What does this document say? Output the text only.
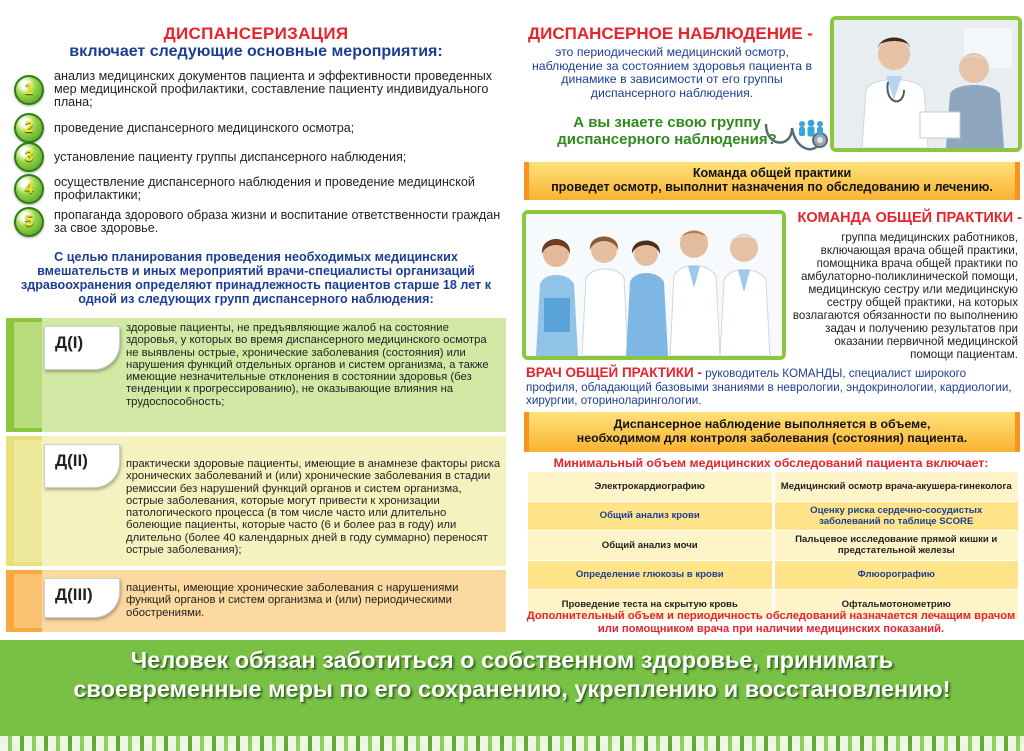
ДИСПАНСЕРИЗАЦИЯ
включает следующие основные мероприятия:
1
анализ медицинских документов пациента и эффективности проведенных мер медицинской профилактики, составление пациенту индивидуального плана;
2	проведение диспансерного медицинского осмотра;
3	установление пациенту группы диспансерного наблюдения;
4	осуществление диспансерного наблюдения и проведение медицинской профилактики;
5	пропаганда здорового образа жизни и воспитание ответственности граждан за свое здоровье.
С целью планирования проведения необходимых медицинских вмешательств и иных мероприятий врачи-специалисты организаций здравоохранения определяют принадлежность пациентов старше 18 лет к одной из следующих групп диспансерного наблюдения:
Д(I)
здоровые пациенты, не предъявляющие жалоб на состояние здоровья, у которых во время диспансерного медицинского осмотра не выявлены острые, хронические заболевания (состояния) или нарушения функций отдельных органов и систем организма, а также имеющие незначительные отклонения в состоянии здоровья (без тенденции к прогрессированию), не оказывающие влияния на трудоспособность;
Д(II)	практически здоровые пациенты, имеющие в анамнезе факторы риска хронических заболеваний и (или) хронические заболевания в стадии ремиссии без нарушений функций органов и систем организма, острые заболевания, которые могут привести к хронизации патологического процесса (в том числе часто или длительно болеющие пациенты, которые часто (6 и более раз в году) или длительно (более 40 календарных дней в году суммарно) переносят острые заболевания);
Д(III)	пациенты, имеющие хронические заболевания с нарушениями функций органов и систем организма и (или) периодическими обострениями.
ДИСПАНСЕРНОЕ НАБЛЮДЕНИЕ -
это периодический медицинский осмотр, наблюдение за состоянием здоровья пациента в динамике в зависимости от его группы диспансерного наблюдения.
А вы знаете свою группу диспансерного наблюдения?
Команда общей практики
проведет осмотр, выполнит назначения по обследованию и лечению.
КОМАНДА ОБЩЕЙ ПРАКТИКИ -
группа медицинских работников, включающая врача общей практики, помощника врача общей практики по амбулаторно-поликлинической помощи, медицинскую сестру или медицинскую сестру общей практики, на которых возлагаются обязанности по выполнению задач и получению результатов при оказании первичной медицинской помощи пациентам.
ВРАЧ ОБЩЕЙ ПРАКТИКИ - руководитель КОМАНДЫ, специалист широкого профиля, обладающий базовыми знаниями в неврологии, эндокринологии, кардиологии, хирургии, оториноларингологии.
Диспансерное наблюдение выполняется в объеме,
необходимом для контроля заболевания (состояния) пациента.
Минимальный объем медицинских обследований пациента включает:
Электрокардиографию	Медицинский осмотр врача-акушера-гинеколога
Общий анализ крови	Оценку риска сердечно-сосудистых заболеваний по таблице SCORE
Общий анализ мочи	Пальцевое исследование прямой кишки и предстательной железы
Определение глюкозы в крови	Флюорографию
Проведение теста на скрытую кровь	Офтальмотонометрию
Дополнительный объем и периодичность обследований назначается лечащим врачом или помощником врача при наличии медицинских показаний.
Человек обязан заботиться о собственном здоровье, принимать
своевременные меры по его сохранению, укреплению и восстановлению!
